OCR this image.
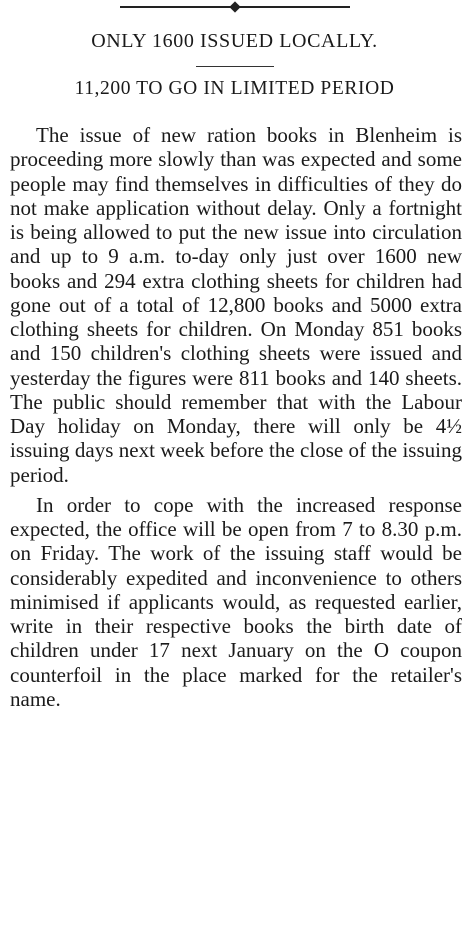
ONLY 1600 ISSUED LOCALLY.
11,200 TO GO IN LIMITED PERIOD

The issue of new ration books in Blenheim is proceeding more slowly than was expected and some people may find themselves in difficulties of they do not make application without delay. Only a fortnight is being allowed to put the new issue into circulation and up to 9 a.m. to-day only just over 1600 new books and 294 extra clothing sheets for children had gone out of a total of 12,800 books and 5000 extra clothing sheets for children. On Monday 851 books and 150 children's clothing sheets were issued and yesterday the figures were 811 books and 140 sheets. The public should remember that with the Labour Day holiday on Monday, there will only be 4½ issuing days next week before the close of the issuing period.

In order to cope with the increased response expected, the office will be open from 7 to 8.30 p.m. on Friday. The work of the issuing staff would be considerably expedited and inconvenience to others minimised if applicants would, as requested earlier, write in their respective books the birth date of children under 17 next January on the O coupon counterfoil in the place marked for the retailer's name.
